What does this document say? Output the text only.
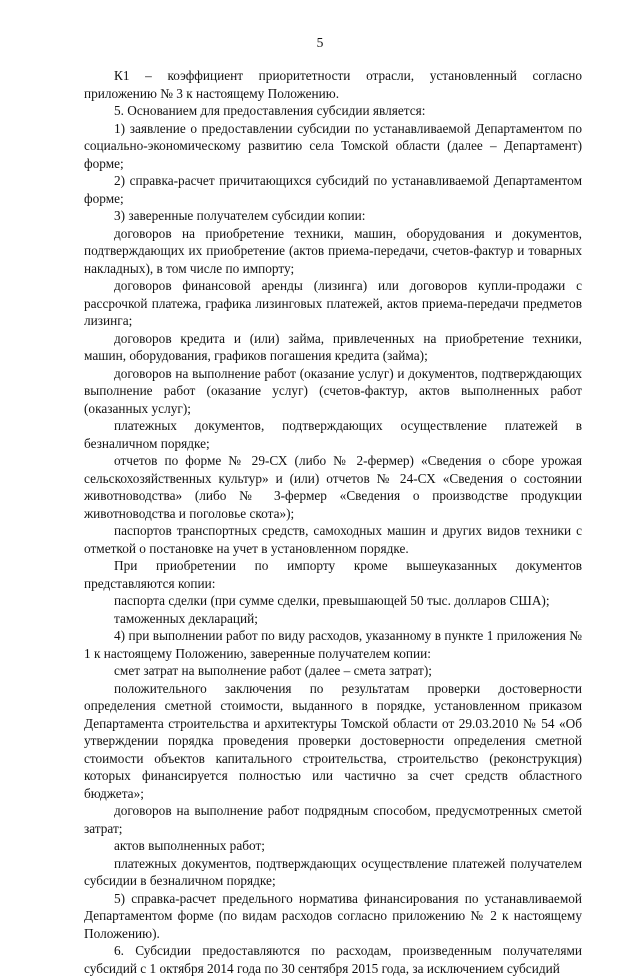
5

К1 – коэффициент приоритетности отрасли, установленный согласно приложению № 3 к настоящему Положению.

5. Основанием для предоставления субсидии является:

1) заявление о предоставлении субсидии по устанавливаемой Департаментом по социально-экономическому развитию села Томской области (далее – Департамент) форме;

2) справка-расчет причитающихся субсидий по устанавливаемой Департаментом форме;

3) заверенные получателем субсидии копии:

договоров на приобретение техники, машин, оборудования и документов, подтверждающих их приобретение (актов приема-передачи, счетов-фактур и товарных накладных), в том числе по импорту;

договоров финансовой аренды (лизинга) или договоров купли-продажи с рассрочкой платежа, графика лизинговых платежей, актов приема-передачи предметов лизинга;

договоров кредита и (или) займа, привлеченных на приобретение техники, машин, оборудования, графиков погашения кредита (займа);

договоров на выполнение работ (оказание услуг) и документов, подтверждающих выполнение работ (оказание услуг) (счетов-фактур, актов выполненных работ (оказанных услуг);

платежных документов, подтверждающих осуществление платежей в безналичном порядке;

отчетов по форме № 29-СХ (либо № 2-фермер) «Сведения о сборе урожая сельскохозяйственных культур» и (или) отчетов № 24-СХ «Сведения о состоянии животноводства» (либо № 3-фермер «Сведения о производстве продукции животноводства и поголовье скота»);

паспортов транспортных средств, самоходных машин и других видов техники с отметкой о постановке на учет в установленном порядке.

При приобретении по импорту кроме вышеуказанных документов представляются копии:

паспорта сделки (при сумме сделки, превышающей 50 тыс. долларов США);

таможенных деклараций;

4) при выполнении работ по виду расходов, указанному в пункте 1 приложения № 1 к настоящему Положению, заверенные получателем копии:

смет затрат на выполнение работ (далее – смета затрат);

положительного заключения по результатам проверки достоверности определения сметной стоимости, выданного в порядке, установленном приказом Департамента строительства и архитектуры Томской области от 29.03.2010 № 54 «Об утверждении порядка проведения проверки достоверности определения сметной стоимости объектов капитального строительства, строительство (реконструкция) которых финансируется полностью или частично за счет средств областного бюджета»;

договоров на выполнение работ подрядным способом, предусмотренных сметой затрат;

актов выполненных работ;

платежных документов, подтверждающих осуществление платежей получателем субсидии в безналичном порядке;

5) справка-расчет предельного норматива финансирования по устанавливаемой Департаментом форме (по видам расходов согласно приложению № 2 к настоящему Положению).

6. Субсидии предоставляются по расходам, произведенным получателями субсидий с 1 октября 2014 года по 30 сентября 2015 года, за исключением субсидий
